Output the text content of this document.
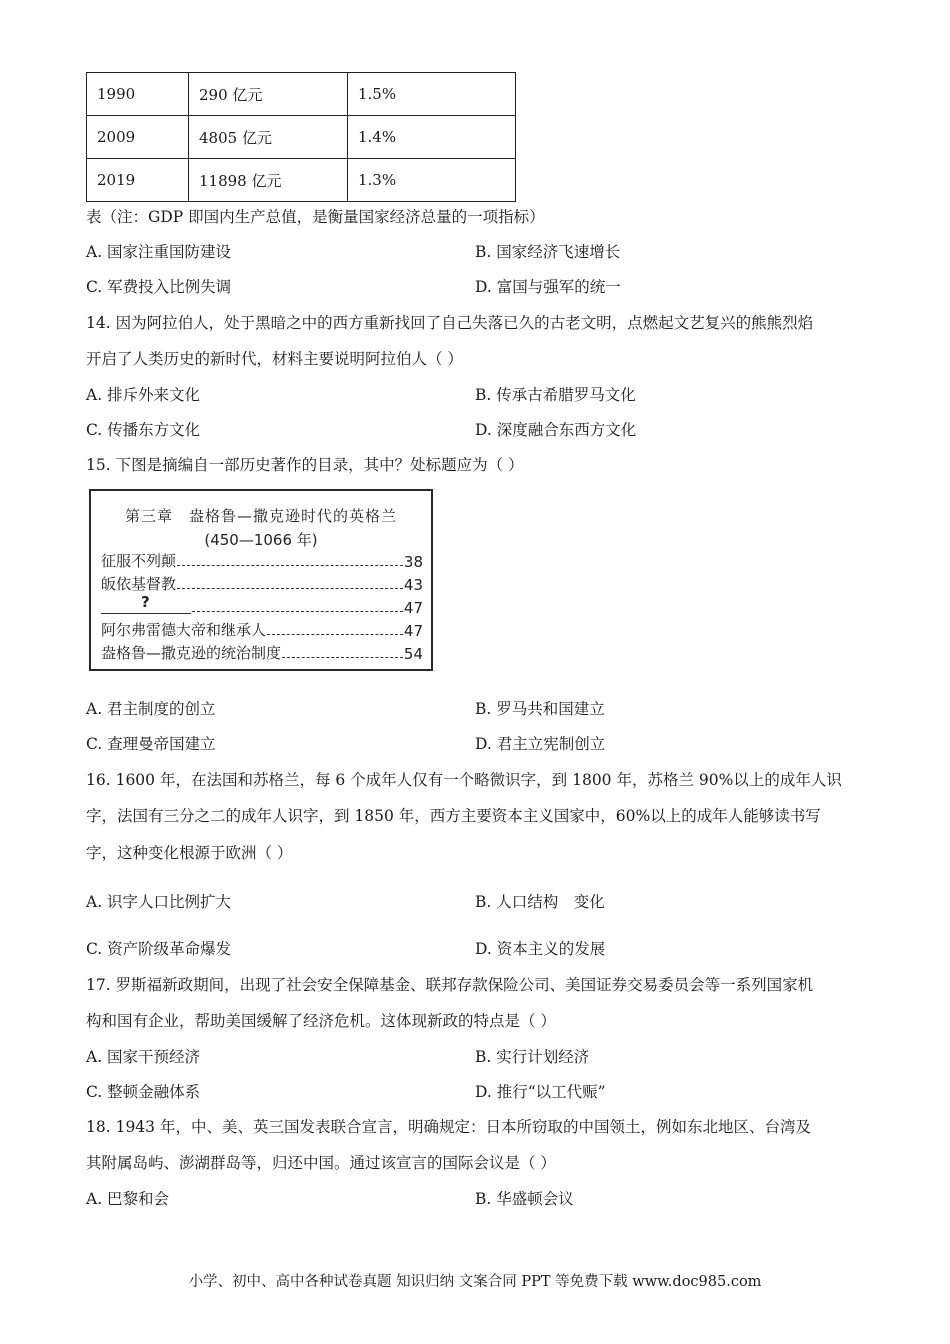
1990	290 亿元	1.5%
2009	4805 亿元	1.4%
2019	11898 亿元	1.3%
表（注：GDP 即国内生产总值，是衡量国家经济总量的一项指标）
A. 国家注重国防建设	B. 国家经济飞速增长
C. 军费投入比例失调	D. 富国与强军的统一
14. 因为阿拉伯人，处于黑暗之中的西方重新找回了自己失落已久的古老文明，点燃起文艺复兴的熊熊烈焰
开启了人类历史的新时代，材料主要说明阿拉伯人（ ）
A. 排斥外来文化	B. 传承古希腊罗马文化
C. 传播东方文化	D. 深度融合东西方文化
15. 下图是摘编自一部历史著作的目录，其中？处标题应为（ ）
第三章　盎格鲁—撒克逊时代的英格兰
(450—1066 年)
征服不列颠	38
皈依基督教	43
?	47
阿尔弗雷德大帝和继承人	47
盎格鲁—撒克逊的统治制度	54
A. 君主制度的创立	B. 罗马共和国建立
C. 查理曼帝国建立	D. 君主立宪制创立
16. 1600 年，在法国和苏格兰，每 6 个成年人仅有一个略微识字，到 1800 年，苏格兰 90%以上的成年人识
字，法国有三分之二的成年人识字，到 1850 年，西方主要资本主义国家中，60%以上的成年人能够读书写
字，这种变化根源于欧洲（ ）
A. 识字人口比例扩大	B. 人口结构　变化
C. 资产阶级革命爆发	D. 资本主义的发展
17. 罗斯福新政期间，出现了社会安全保障基金、联邦存款保险公司、美国证券交易委员会等一系列国家机
构和国有企业，帮助美国缓解了经济危机。这体现新政的特点是（ ）
A. 国家干预经济	B. 实行计划经济
C. 整顿金融体系	D. 推行“以工代赈”
18. 1943 年，中、美、英三国发表联合宣言，明确规定：日本所窃取的中国领土，例如东北地区、台湾及
其附属岛屿、澎湖群岛等，归还中国。通过该宣言的国际会议是（ ）
A. 巴黎和会	B. 华盛顿会议
小学、初中、高中各种试卷真题 知识归纳 文案合同 PPT 等免费下载 www.doc985.com
